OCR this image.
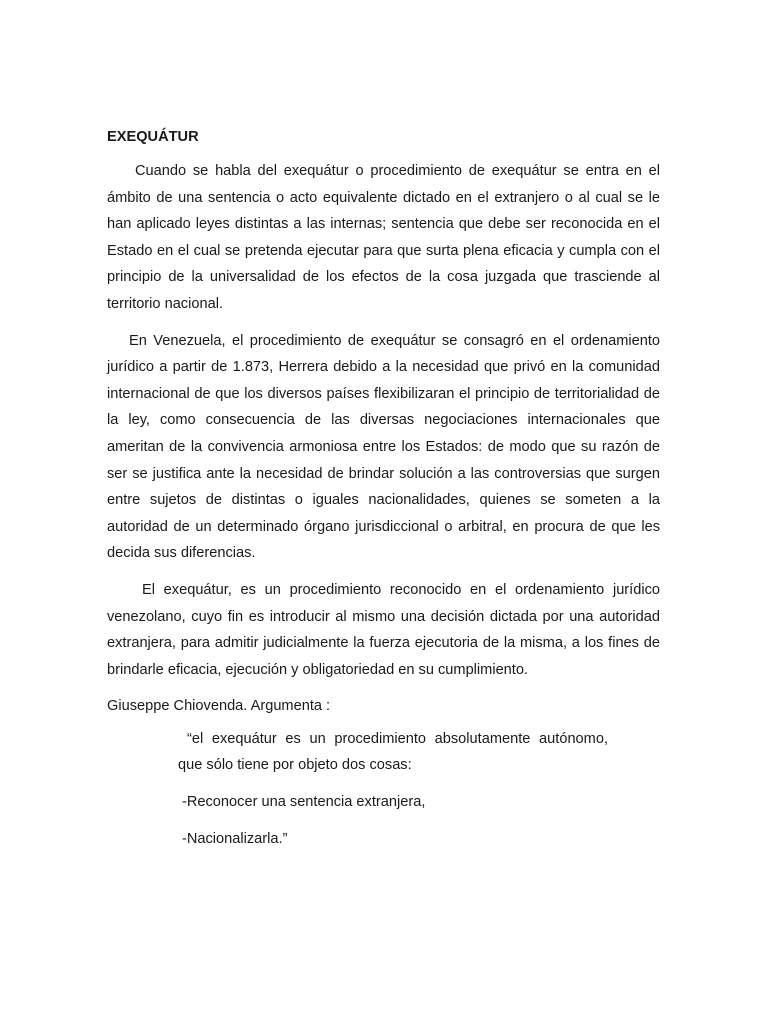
EXEQUÁTUR

Cuando se habla del exequátur o procedimiento de exequátur se entra en el ámbito de una sentencia o acto equivalente dictado en el extranjero o al cual se le han aplicado leyes distintas a las internas; sentencia que debe ser reconocida en el Estado en el cual se pretenda ejecutar para que surta plena eficacia y cumpla con el principio de la universalidad de los efectos de la cosa juzgada que trasciende al territorio nacional.

En Venezuela, el procedimiento de exequátur se consagró en el ordenamiento jurídico a partir de 1.873, Herrera debido a la necesidad que privó en la comunidad internacional de que los diversos países flexibilizaran el principio de territorialidad de la ley, como consecuencia de las diversas negociaciones internacionales que ameritan de la convivencia armoniosa entre los Estados: de modo que su razón de ser se justifica ante la necesidad de brindar solución a las controversias que surgen entre sujetos de distintas o iguales nacionalidades, quienes se someten a la autoridad de un determinado órgano jurisdiccional o arbitral, en procura de que les decida sus diferencias.

El exequátur, es un procedimiento reconocido en el ordenamiento jurídico venezolano, cuyo fin es introducir al mismo una decisión dictada por una autoridad extranjera, para admitir judicialmente la fuerza ejecutoria de la misma, a los fines de brindarle eficacia, ejecución y obligatoriedad en su cumplimiento.

Giuseppe Chiovenda. Argumenta :

“el exequátur es un procedimiento absolutamente autónomo,

que sólo tiene por objeto dos cosas:

-Reconocer una sentencia extranjera,

-Nacionalizarla.”
